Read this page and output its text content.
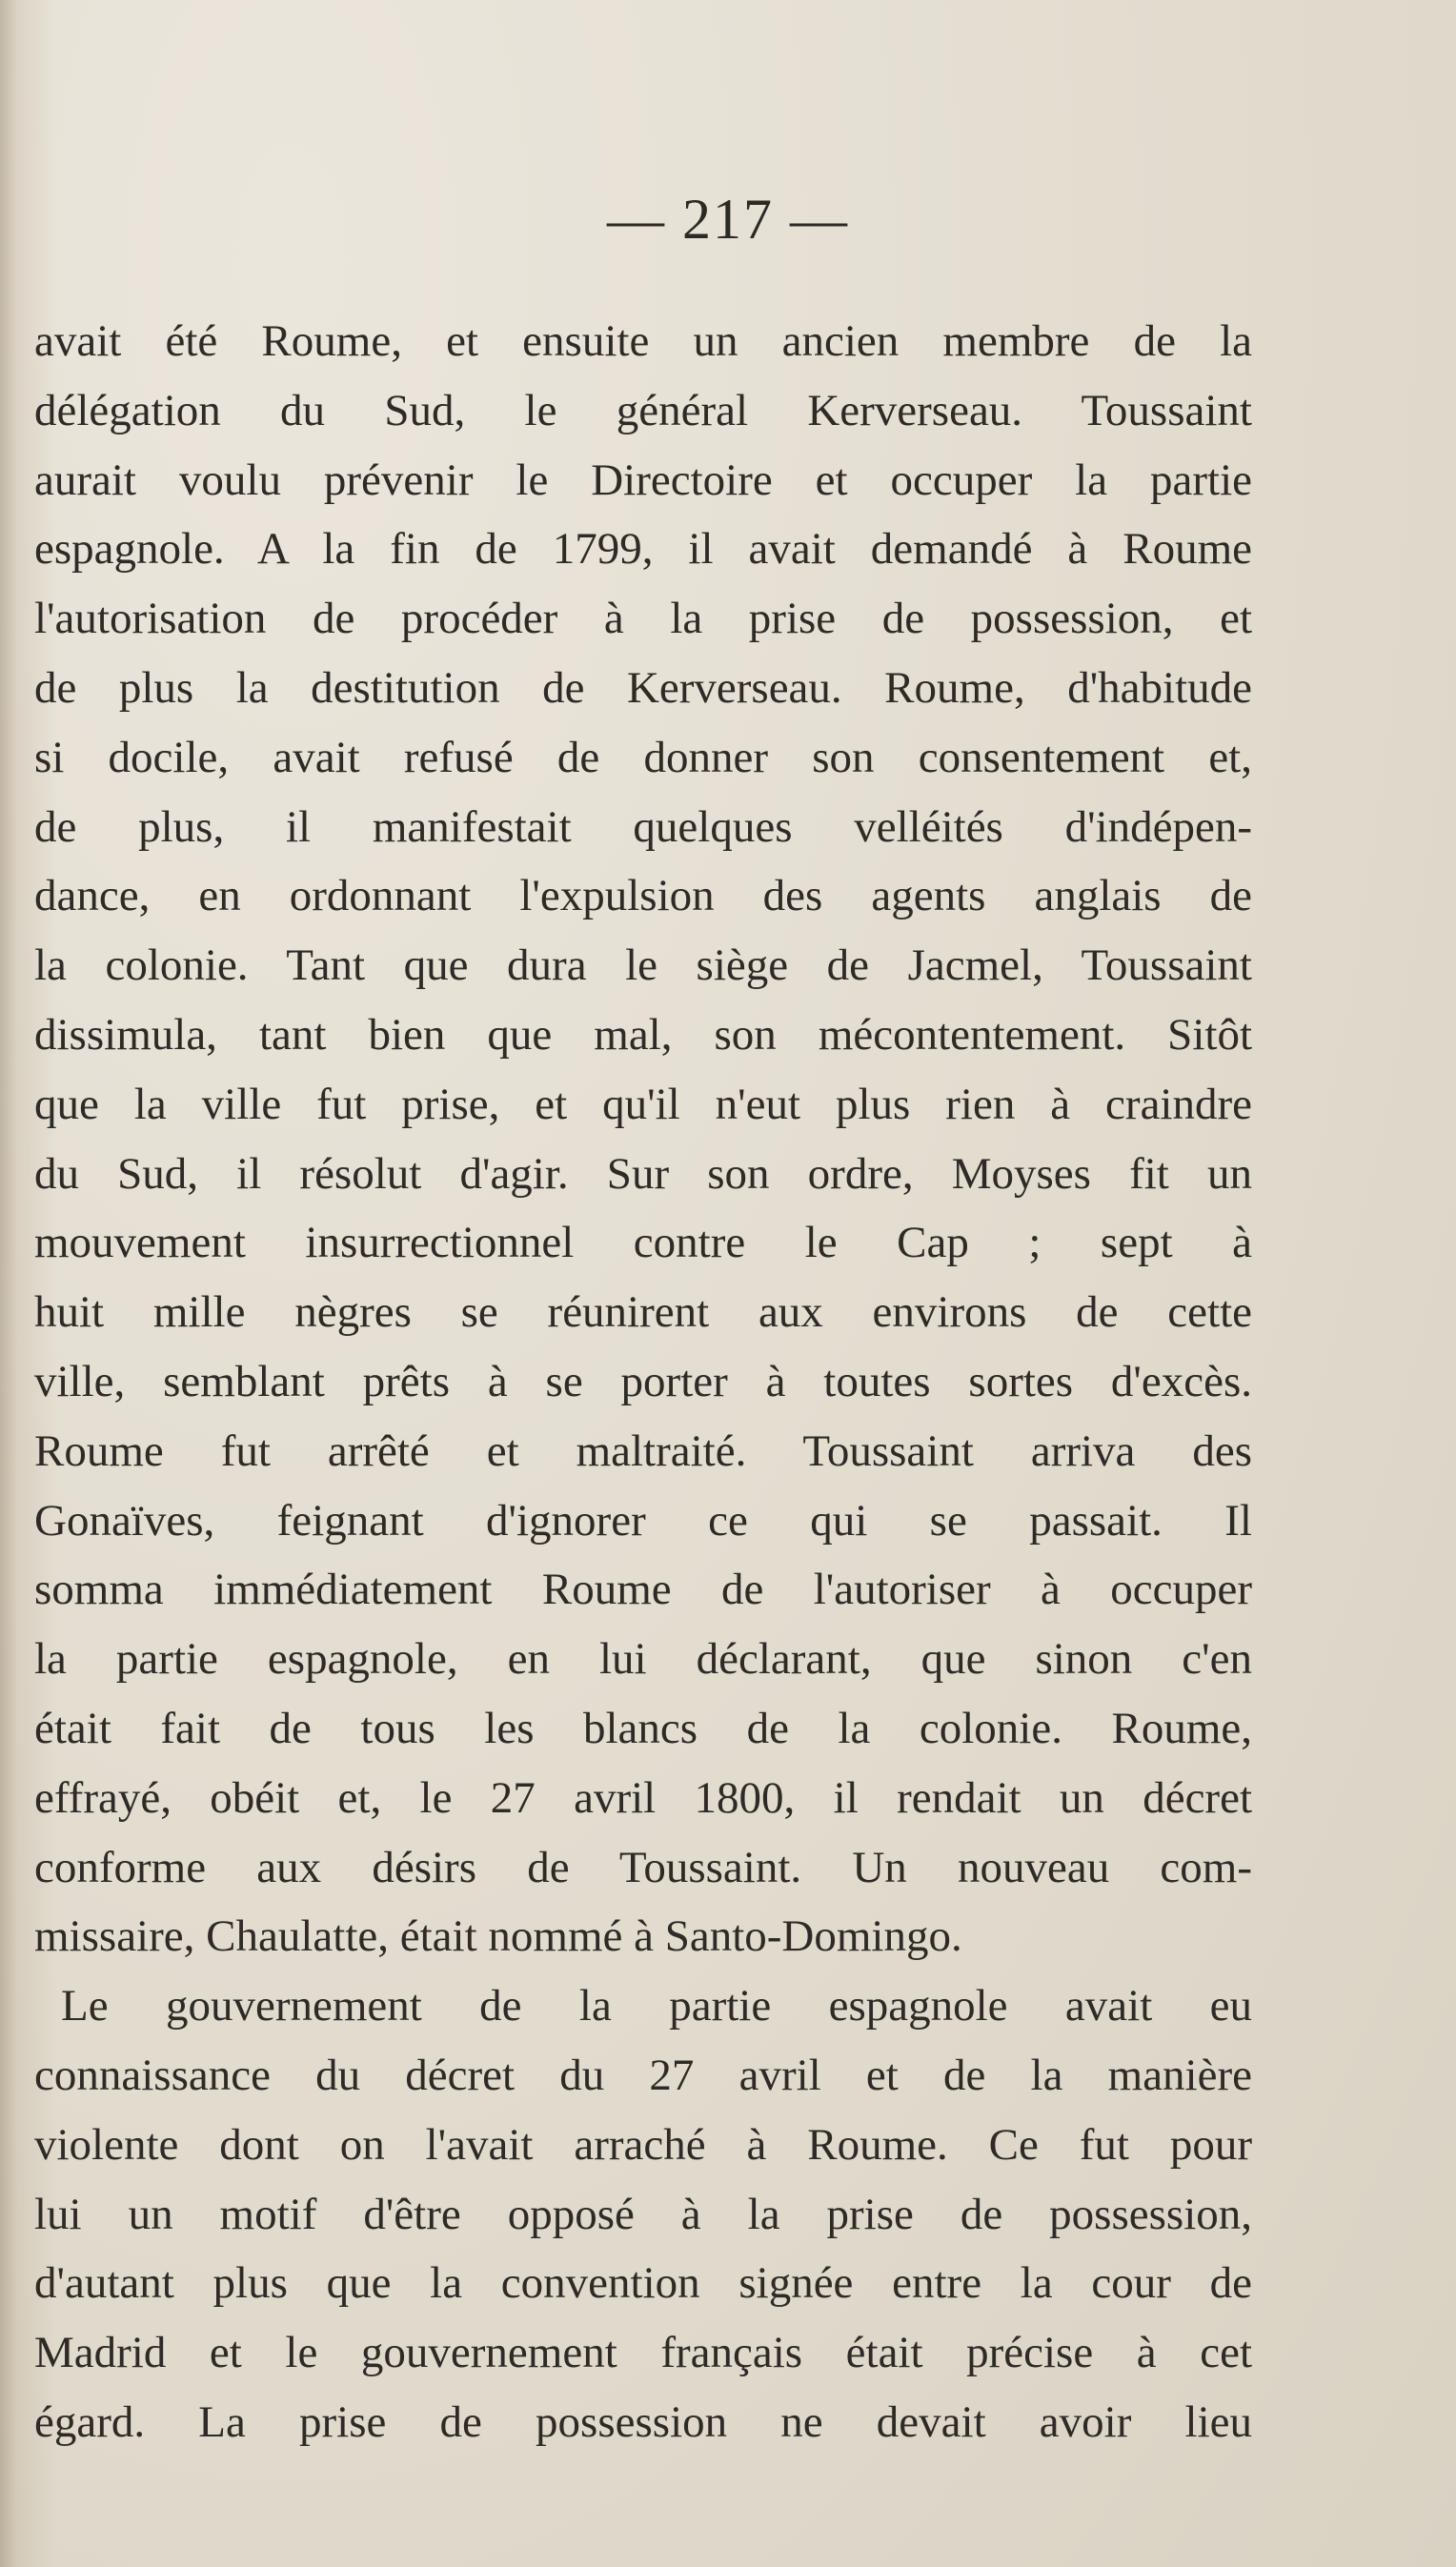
— 217 —
avait été Roume, et ensuite un ancien membre de la
délégation du Sud, le général Kerverseau. Toussaint
aurait voulu prévenir le Directoire et occuper la partie
espagnole. A la fin de 1799, il avait demandé à Roume
l'autorisation de procéder à la prise de possession, et
de plus la destitution de Kerverseau. Roume, d'habitude
si docile, avait refusé de donner son consentement et,
de plus, il manifestait quelques velléités d'indépen-
dance, en ordonnant l'expulsion des agents anglais de
la colonie. Tant que dura le siège de Jacmel, Toussaint
dissimula, tant bien que mal, son mécontentement. Sitôt
que la ville fut prise, et qu'il n'eut plus rien à craindre
du Sud, il résolut d'agir. Sur son ordre, Moyses fit un
mouvement insurrectionnel contre le Cap ; sept à
huit mille nègres se réunirent aux environs de cette
ville, semblant prêts à se porter à toutes sortes d'excès.
Roume fut arrêté et maltraité. Toussaint arriva des
Gonaïves, feignant d'ignorer ce qui se passait. Il
somma immédiatement Roume de l'autoriser à occuper
la partie espagnole, en lui déclarant, que sinon c'en
était fait de tous les blancs de la colonie. Roume,
effrayé, obéit et, le 27 avril 1800, il rendait un décret
conforme aux désirs de Toussaint. Un nouveau com-
missaire, Chaulatte, était nommé à Santo-Domingo.
Le gouvernement de la partie espagnole avait eu
connaissance du décret du 27 avril et de la manière
violente dont on l'avait arraché à Roume. Ce fut pour
lui un motif d'être opposé à la prise de possession,
d'autant plus que la convention signée entre la cour de
Madrid et le gouvernement français était précise à cet
égard. La prise de possession ne devait avoir lieu
